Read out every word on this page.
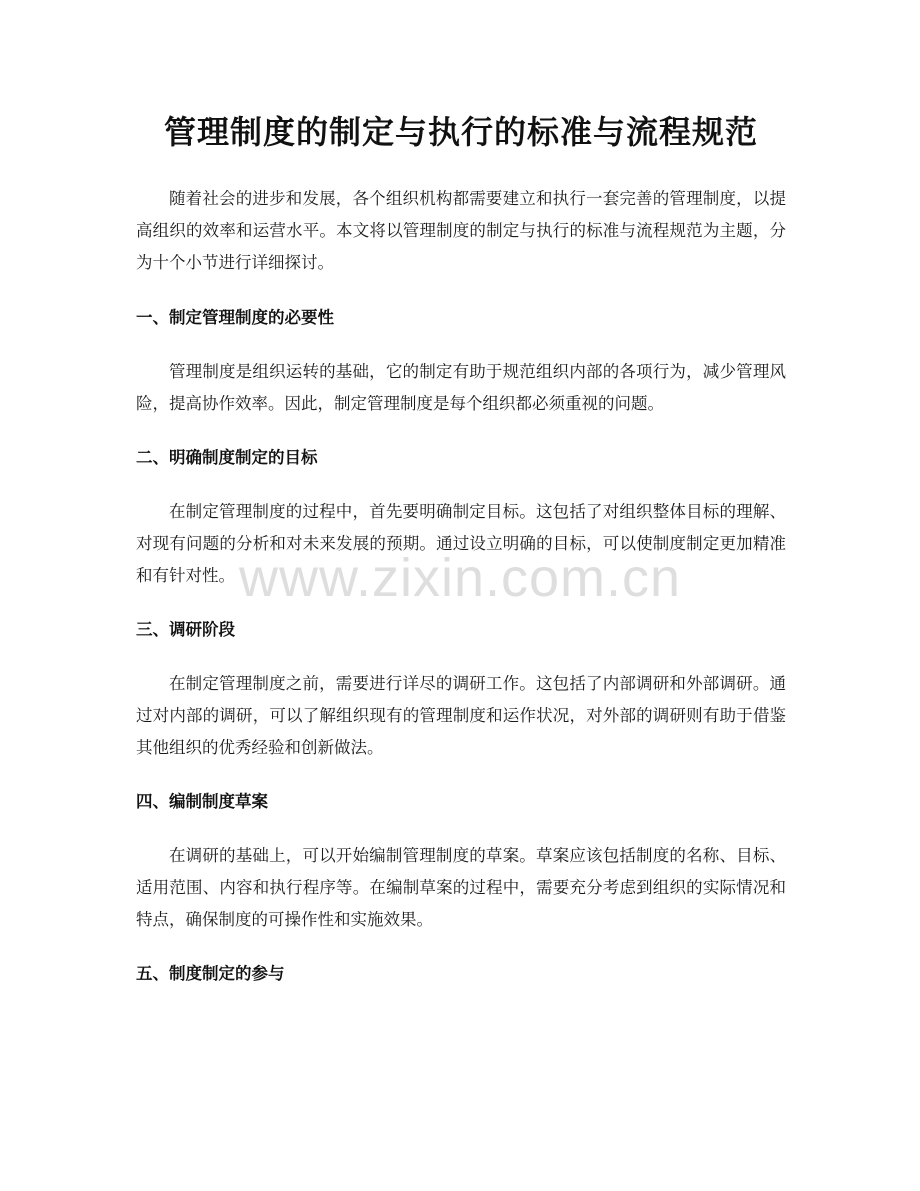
管理制度的制定与执行的标准与流程规范

随着社会的进步和发展，各个组织机构都需要建立和执行一套完善的管理制度，以提高组织的效率和运营水平。本文将以管理制度的制定与执行的标准与流程规范为主题，分为十个小节进行详细探讨。

一、制定管理制度的必要性

管理制度是组织运转的基础，它的制定有助于规范组织内部的各项行为，减少管理风险，提高协作效率。因此，制定管理制度是每个组织都必须重视的问题。

二、明确制度制定的目标

在制定管理制度的过程中，首先要明确制定目标。这包括了对组织整体目标的理解、对现有问题的分析和对未来发展的预期。通过设立明确的目标，可以使制度制定更加精准和有针对性。

三、调研阶段

在制定管理制度之前，需要进行详尽的调研工作。这包括了内部调研和外部调研。通过对内部的调研，可以了解组织现有的管理制度和运作状况，对外部的调研则有助于借鉴其他组织的优秀经验和创新做法。

四、编制制度草案

在调研的基础上，可以开始编制管理制度的草案。草案应该包括制度的名称、目标、适用范围、内容和执行程序等。在编制草案的过程中，需要充分考虑到组织的实际情况和特点，确保制度的可操作性和实施效果。

五、制度制定的参与
www.zixin.com.cn
